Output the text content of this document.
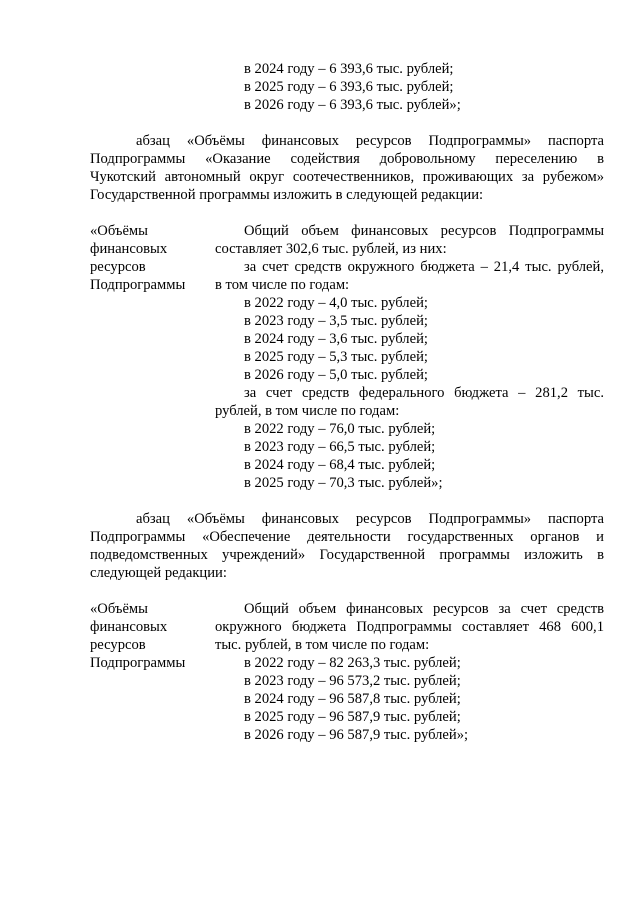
в 2024 году – 6 393,6 тыс. рублей;
в 2025 году – 6 393,6 тыс. рублей;
в 2026 году – 6 393,6 тыс. рублей»;
абзац «Объёмы финансовых ресурсов Подпрограммы» паспорта
Подпрограммы «Оказание содействия добровольному переселению в
Чукотский автономный округ соотечественников, проживающих за рубежом»
Государственной программы изложить в следующей редакции:
«Объёмы
финансовых
ресурсов
Подпрограммы
Общий объем финансовых ресурсов Подпрограммы
составляет 302,6 тыс. рублей, из них:
за счет средств окружного бюджета – 21,4 тыс. рублей,
в том числе по годам:
в 2022 году – 4,0 тыс. рублей;
в 2023 году – 3,5 тыс. рублей;
в 2024 году – 3,6 тыс. рублей;
в 2025 году – 5,3 тыс. рублей;
в 2026 году – 5,0 тыс. рублей;
за счет средств федерального бюджета – 281,2 тыс.
рублей, в том числе по годам:
в 2022 году – 76,0 тыс. рублей;
в 2023 году – 66,5 тыс. рублей;
в 2024 году – 68,4 тыс. рублей;
в 2025 году – 70,3 тыс. рублей»;
абзац «Объёмы финансовых ресурсов Подпрограммы» паспорта
Подпрограммы «Обеспечение деятельности государственных органов и
подведомственных учреждений» Государственной программы изложить в
следующей редакции:
«Объёмы
финансовых
ресурсов
Подпрограммы
Общий объем финансовых ресурсов за счет средств
окружного бюджета Подпрограммы составляет 468 600,1
тыс. рублей, в том числе по годам:
в 2022 году – 82 263,3 тыс. рублей;
в 2023 году – 96 573,2 тыс. рублей;
в 2024 году – 96 587,8 тыс. рублей;
в 2025 году – 96 587,9 тыс. рублей;
в 2026 году – 96 587,9 тыс. рублей»;
